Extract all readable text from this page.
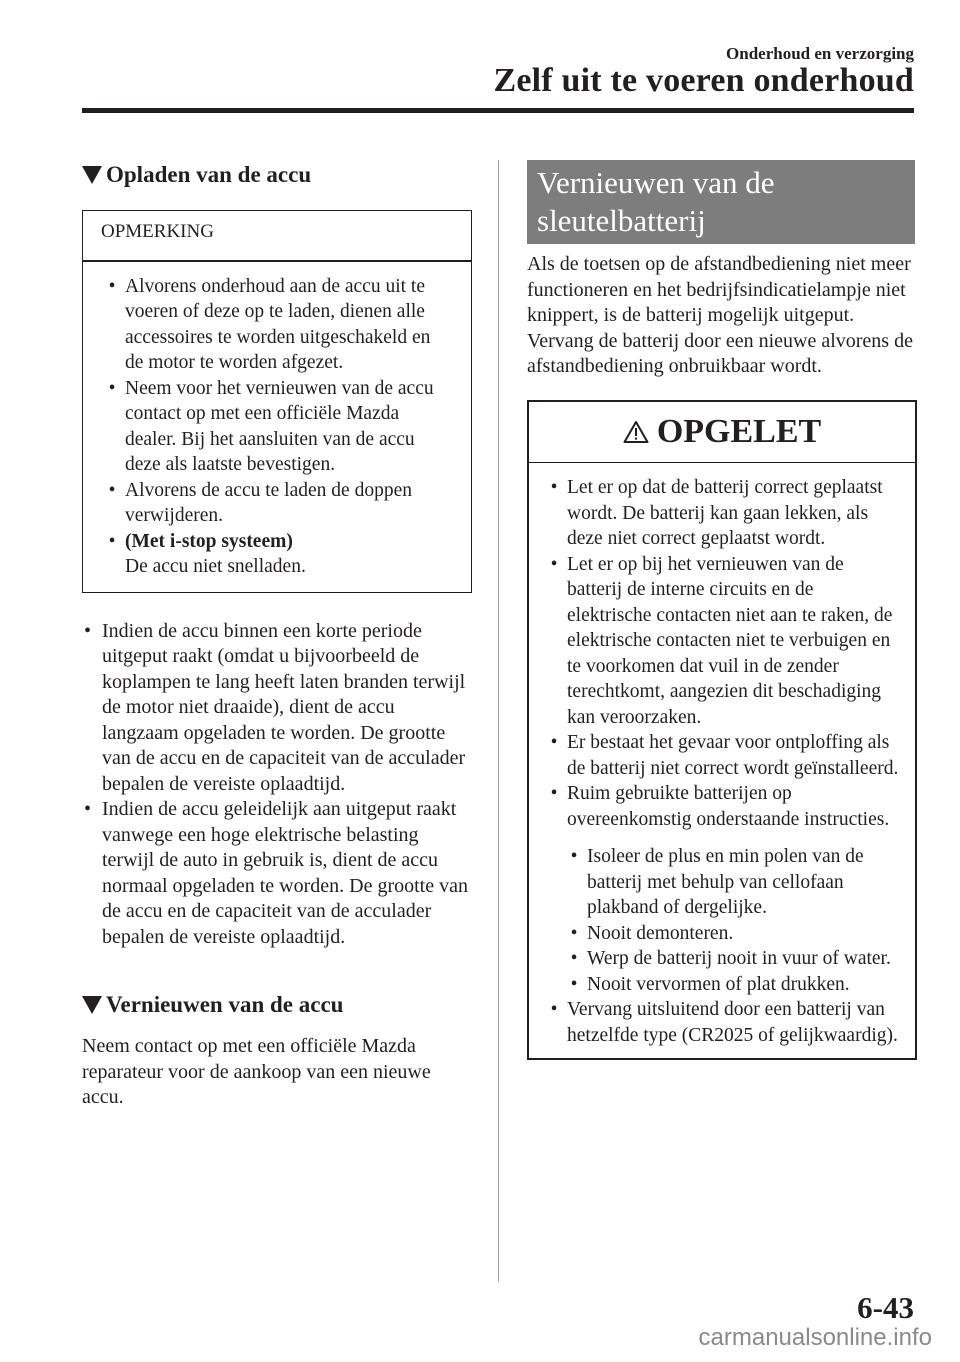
Onderhoud en verzorging
Zelf uit te voeren onderhoud
Opladen van de accu
OPMERKING
• Alvorens onderhoud aan de accu uit te voeren of deze op te laden, dienen alle accessoires te worden uitgeschakeld en de motor te worden afgezet.
• Neem voor het vernieuwen van de accu contact op met een officiële Mazda dealer. Bij het aansluiten van de accu deze als laatste bevestigen.
• Alvorens de accu te laden de doppen verwijderen.
• (Met i-stop systeem)
De accu niet snelladen.
• Indien de accu binnen een korte periode uitgeput raakt (omdat u bijvoorbeeld de koplampen te lang heeft laten branden terwijl de motor niet draaide), dient de accu langzaam opgeladen te worden. De grootte van de accu en de capaciteit van de acculader bepalen de vereiste oplaadtijd.
• Indien de accu geleidelijk aan uitgeput raakt vanwege een hoge elektrische belasting terwijl de auto in gebruik is, dient de accu normaal opgeladen te worden. De grootte van de accu en de capaciteit van de acculader bepalen de vereiste oplaadtijd.
Vernieuwen van de accu
Neem contact op met een officiële Mazda reparateur voor de aankoop van een nieuwe accu.
Vernieuwen van de sleutelbatterij
Als de toetsen op de afstandbediening niet meer functioneren en het bedrijfsindicatielampje niet knippert, is de batterij mogelijk uitgeput.
Vervang de batterij door een nieuwe alvorens de afstandbediening onbruikbaar wordt.
OPGELET
• Let er op dat de batterij correct geplaatst wordt. De batterij kan gaan lekken, als deze niet correct geplaatst wordt.
• Let er op bij het vernieuwen van de batterij de interne circuits en de elektrische contacten niet aan te raken, de elektrische contacten niet te verbuigen en te voorkomen dat vuil in de zender terechtkomt, aangezien dit beschadiging kan veroorzaken.
• Er bestaat het gevaar voor ontploffing als de batterij niet correct wordt geïnstalleerd.
• Ruim gebruikte batterijen op overeenkomstig onderstaande instructies.
• Isoleer de plus en min polen van de batterij met behulp van cellofaan plakband of dergelijke.
• Nooit demonteren.
• Werp de batterij nooit in vuur of water.
• Nooit vervormen of plat drukken.
• Vervang uitsluitend door een batterij van hetzelfde type (CR2025 of gelijkwaardig).
6-43
carmanualsonline.info
